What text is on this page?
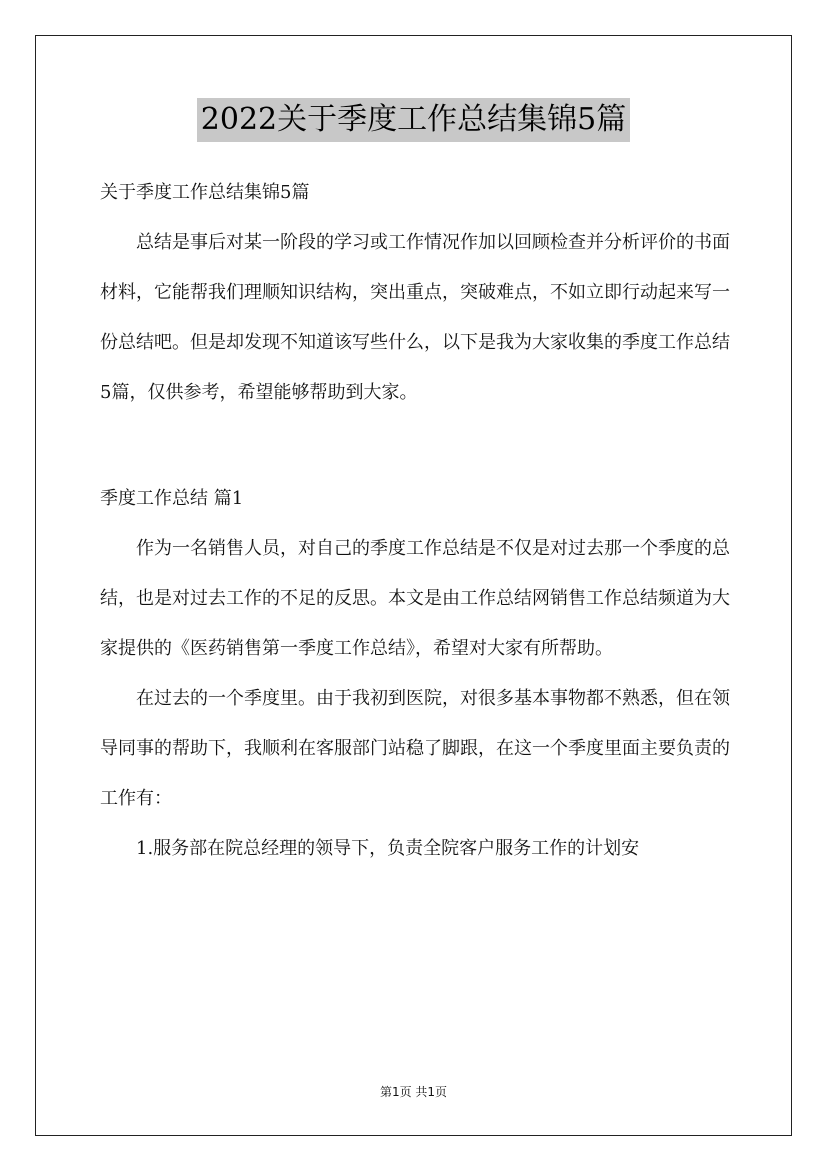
2022关于季度工作总结集锦5篇

关于季度工作总结集锦5篇

总结是事后对某一阶段的学习或工作情况作加以回顾检查并分析评价的书面材料，它能帮我们理顺知识结构，突出重点，突破难点，不如立即行动起来写一份总结吧。但是却发现不知道该写些什么，以下是我为大家收集的季度工作总结5篇，仅供参考，希望能够帮助到大家。

季度工作总结 篇1

作为一名销售人员，对自己的季度工作总结是不仅是对过去那一个季度的总结，也是对过去工作的不足的反思。本文是由工作总结网销售工作总结频道为大家提供的《医药销售第一季度工作总结》，希望对大家有所帮助。

在过去的一个季度里。由于我初到医院，对很多基本事物都不熟悉，但在领导同事的帮助下，我顺利在客服部门站稳了脚跟，在这一个季度里面主要负责的工作有：

1.服务部在院总经理的领导下，负责全院客户服务工作的计划安

第1页 共1页
